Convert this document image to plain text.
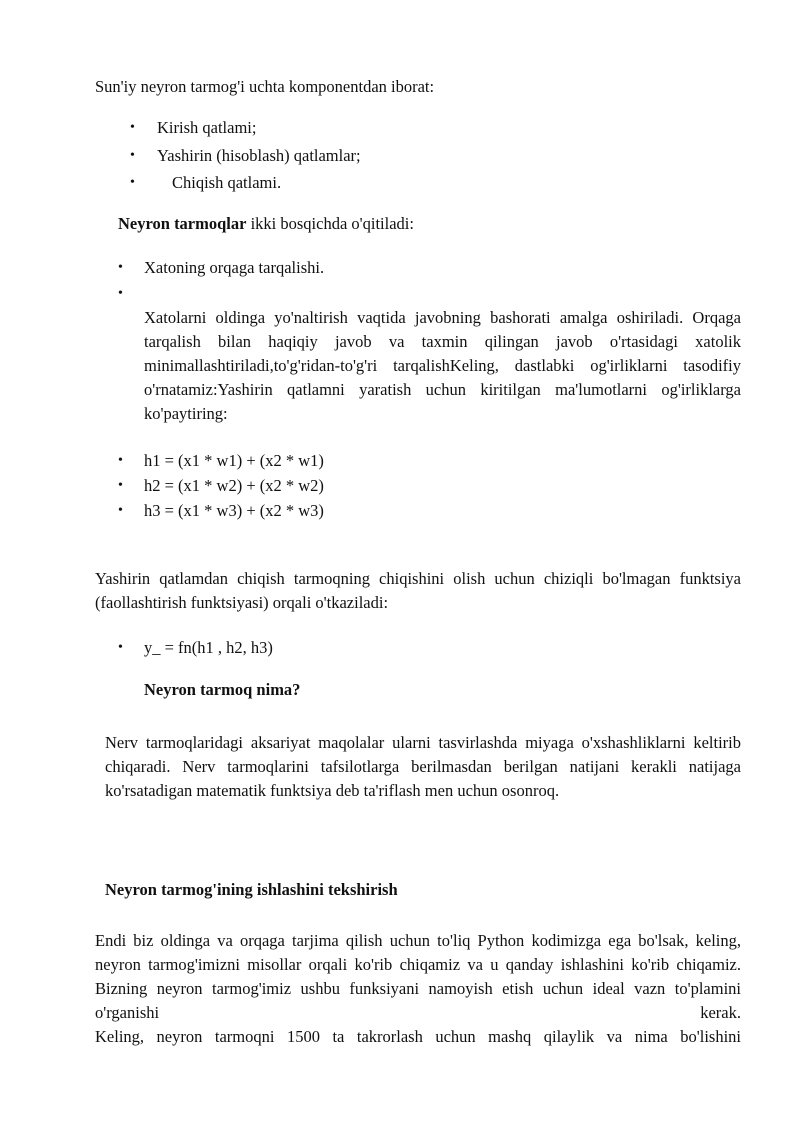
Sun'iy neyron tarmog'i uchta komponentdan iborat:

• Kirish qatlami;

• Yashirin (hisoblash) qatlamlar;

• Chiqish qatlami.

Neyron tarmoqlar ikki bosqichda o'qitiladi:

• Xatoning orqaga tarqalishi.

•

Xatolarni oldinga yo'naltirish vaqtida javobning bashorati amalga oshiriladi. Orqaga tarqalish bilan haqiqiy javob va taxmin qilingan javob o'rtasidagi xatolik minimallashtiriladi,to'g'ridan-to'g'ri tarqalishKeling, dastlabki og'irliklarni tasodifiy o'rnatamiz:Yashirin qatlamni yaratish uchun kiritilgan ma'lumotlarni og'irliklarga ko'paytiring:

• h1 = (x1 * w1) + (x2 * w1)

• h2 = (x1 * w2) + (x2 * w2)

• h3 = (x1 * w3) + (x2 * w3)

Yashirin qatlamdan chiqish tarmoqning chiqishini olish uchun chiziqli bo'lmagan funktsiya (faollashtirish funktsiyasi) orqali o'tkaziladi:

• y_ = fn(h1 , h2, h3)

Neyron tarmoq nima?

Nerv tarmoqlaridagi aksariyat maqolalar ularni tasvirlashda miyaga o'xshashliklarni keltirib chiqaradi. Nerv tarmoqlarini tafsilotlarga berilmasdan berilgan natijani kerakli natijaga ko'rsatadigan matematik funktsiya deb ta'riflash men uchun osonroq.

Neyron tarmog'ining ishlashini tekshirish

Endi biz oldinga va orqaga tarjima qilish uchun to'liq Python kodimizga ega bo'lsak, keling, neyron tarmog'imizni misollar orqali ko'rib chiqamiz va u qanday ishlashini ko'rib chiqamiz. Bizning neyron tarmog'imiz ushbu funksiyani namoyish etish uchun ideal vazn to'plamini o'rganishi kerak.

Keling, neyron tarmoqni 1500 ta takrorlash uchun mashq qilaylik va nima bo'lishini
